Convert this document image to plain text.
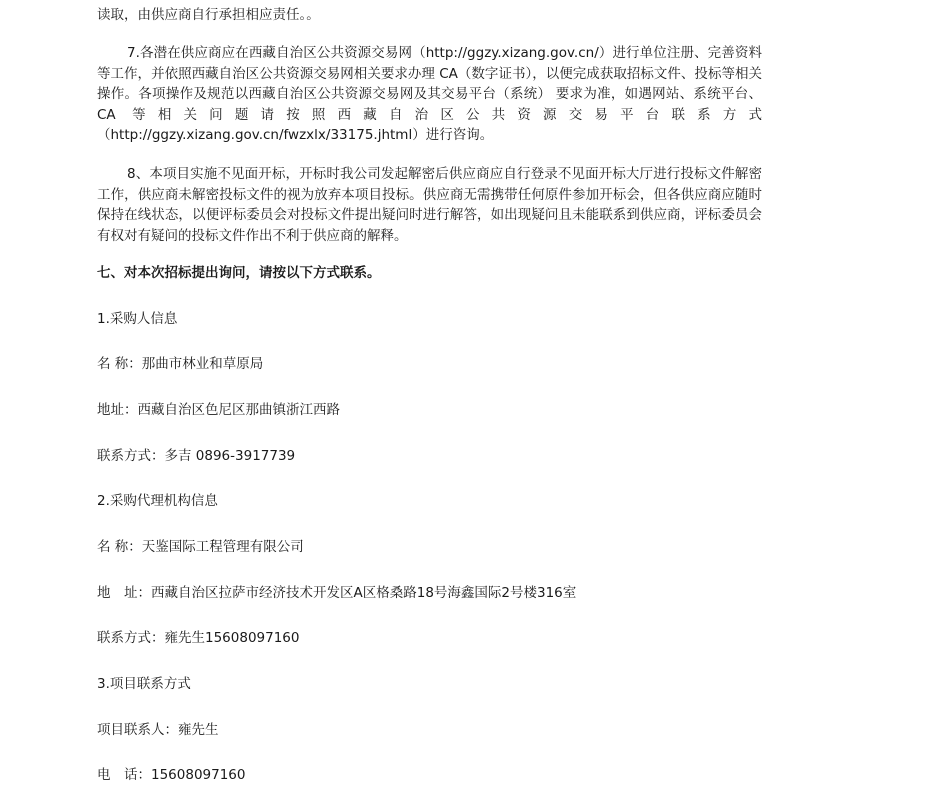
读取，由供应商自行承担相应责任。。

7.各潜在供应商应在西藏自治区公共资源交易网（http://ggzy.xizang.gov.cn/）进行单位注册、完善资料等工作，并依照西藏自治区公共资源交易网相关要求办理 CA（数字证书），以便完成获取招标文件、投标等相关操作。各项操作及规范以西藏自治区公共资源交易网及其交易平台（系统） 要求为准，如遇网站、系统平台、CA 等相关问题请按照西藏自治区公共资源交易平台联系方式（http://ggzy.xizang.gov.cn/fwzxlx/33175.jhtml）进行咨询。

8、本项目实施不见面开标，开标时我公司发起解密后供应商应自行登录不见面开标大厅进行投标文件解密工作，供应商未解密投标文件的视为放弃本项目投标。供应商无需携带任何原件参加开标会，但各供应商应随时保持在线状态，以便评标委员会对投标文件提出疑问时进行解答，如出现疑问且未能联系到供应商，评标委员会有权对有疑问的投标文件作出不利于供应商的解释。

七、对本次招标提出询问，请按以下方式联系。

1.采购人信息

名 称：那曲市林业和草原局

地址：西藏自治区色尼区那曲镇浙江西路

联系方式：多吉 0896-3917739

2.采购代理机构信息

名 称：天鉴国际工程管理有限公司

地　址：西藏自治区拉萨市经济技术开发区A区格桑路18号海鑫国际2号楼316室

联系方式：雍先生15608097160

3.项目联系方式

项目联系人：雍先生

电　话：15608097160
